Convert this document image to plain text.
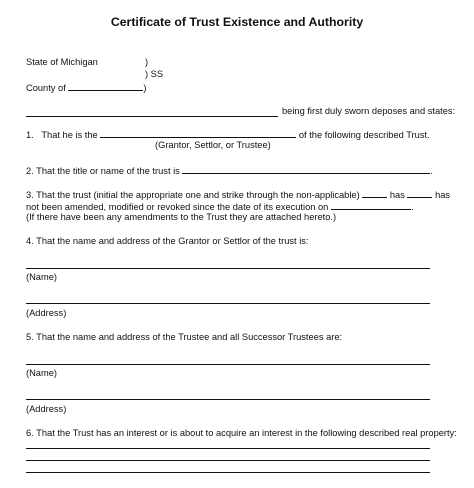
Certificate of Trust Existence and Authority
State of Michigan	)
) SS
County of	)
being first duly sworn deposes and states:
1. That he is the	of the following described Trust.
(Grantor, Settlor, or Trustee)
2. That the title or name of the trust is	.
3. That the trust (initial the appropriate one and strike through the non-applicable)	has	has
not been amended, modified or revoked since the date of its execution on	.
(If there have been any amendments to the Trust they are attached hereto.)
4. That the name and address of the Grantor or Settlor of the trust is:
(Name)
(Address)
5. That the name and address of the Trustee and all Successor Trustees are:
(Name)
(Address)
6. That the Trust has an interest or is about to acquire an interest in the following described real property:
